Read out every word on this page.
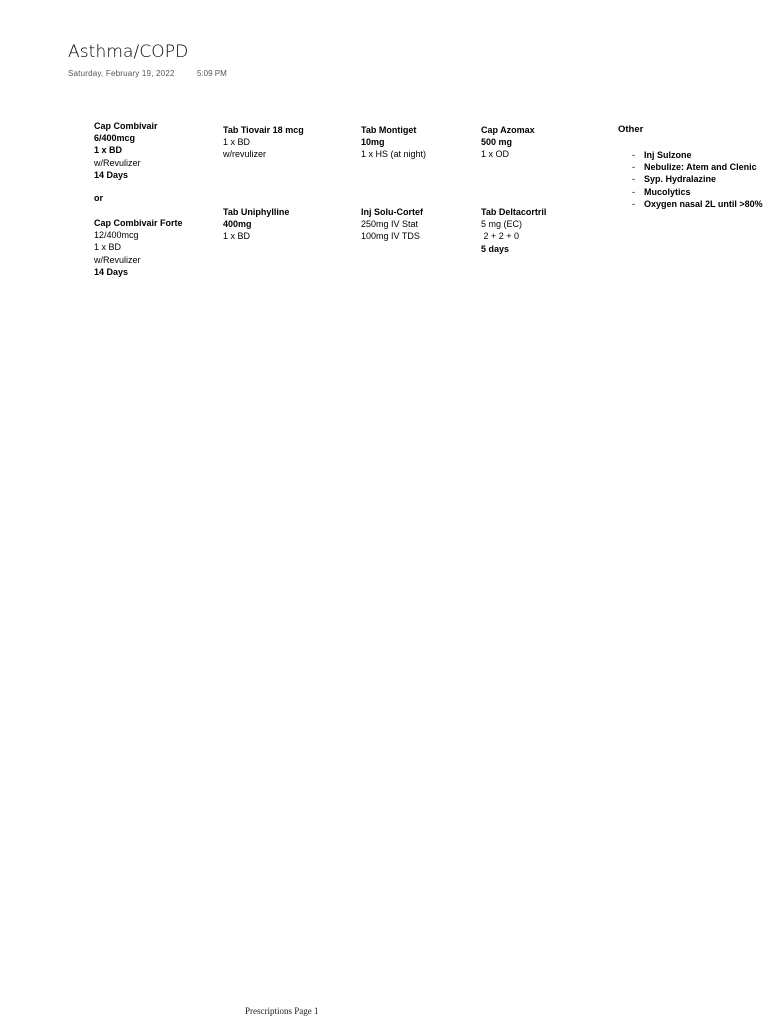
Asthma/COPD
Saturday, February 19, 2022	5:09 PM
Cap Combivair
6/400mcg
1 x BD
w/Revulizer
14 Days
or
Cap Combivair Forte
12/400mcg
1 x BD
w/Revulizer
14 Days
Tab Tiovair 18 mcg
1 x BD
w/revulizer
Tab Uniphylline
400mg
1 x BD
Tab Montiget
10mg
1 x HS (at night)
Inj Solu-Cortef
250mg IV Stat
100mg IV TDS
Cap Azomax
500 mg
1 x OD
Tab Deltacortril
5 mg (EC)
2 + 2 + 0
5 days
Other
- Inj Sulzone
- Nebulize: Atem and Clenic
- Syp. Hydralazine
- Mucolytics
- Oxygen nasal 2L until >80%
Prescriptions Page 1
